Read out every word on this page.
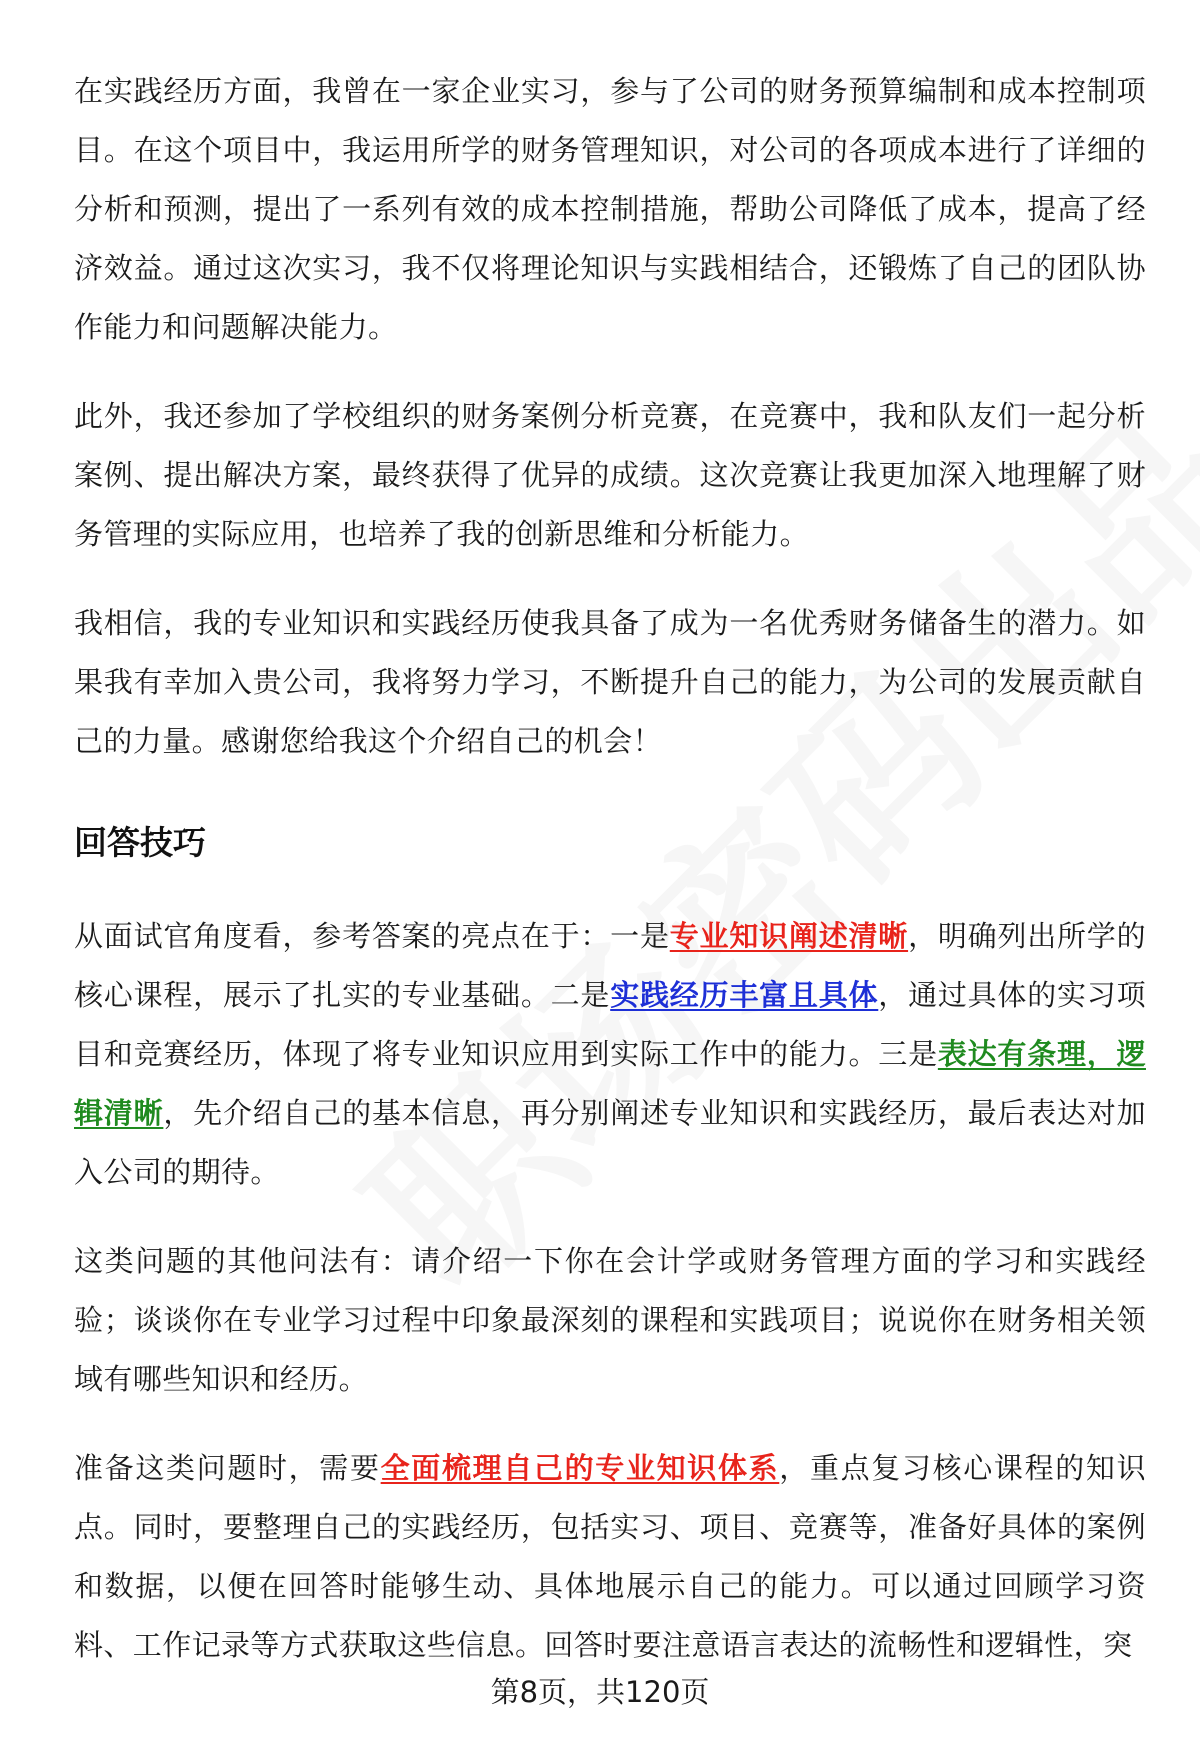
在实践经历方面，我曾在一家企业实习，参与了公司的财务预算编制和成本控制项目。在这个项目中，我运用所学的财务管理知识，对公司的各项成本进行了详细的分析和预测，提出了一系列有效的成本控制措施，帮助公司降低了成本，提高了经济效益。通过这次实习，我不仅将理论知识与实践相结合，还锻炼了自己的团队协作能力和问题解决能力。

此外，我还参加了学校组织的财务案例分析竞赛，在竞赛中，我和队友们一起分析案例、提出解决方案，最终获得了优异的成绩。这次竞赛让我更加深入地理解了财务管理的实际应用，也培养了我的创新思维和分析能力。

我相信，我的专业知识和实践经历使我具备了成为一名优秀财务储备生的潜力。如果我有幸加入贵公司，我将努力学习，不断提升自己的能力，为公司的发展贡献自己的力量。感谢您给我这个介绍自己的机会！

回答技巧

从面试官角度看，参考答案的亮点在于：一是专业知识阐述清晰，明确列出所学的核心课程，展示了扎实的专业基础。二是实践经历丰富且具体，通过具体的实习项目和竞赛经历，体现了将专业知识应用到实际工作中的能力。三是表达有条理，逻辑清晰，先介绍自己的基本信息，再分别阐述专业知识和实践经历，最后表达对加入公司的期待。

这类问题的其他问法有：请介绍一下你在会计学或财务管理方面的学习和实践经验；谈谈你在专业学习过程中印象最深刻的课程和实践项目；说说你在财务相关领域有哪些知识和经历。

准备这类问题时，需要全面梳理自己的专业知识体系，重点复习核心课程的知识点。同时，要整理自己的实践经历，包括实习、项目、竞赛等，准备好具体的案例和数据，以便在回答时能够生动、具体地展示自己的能力。可以通过回顾学习资料、工作记录等方式获取这些信息。回答时要注意语言表达的流畅性和逻辑性，突

第8页，共120页
